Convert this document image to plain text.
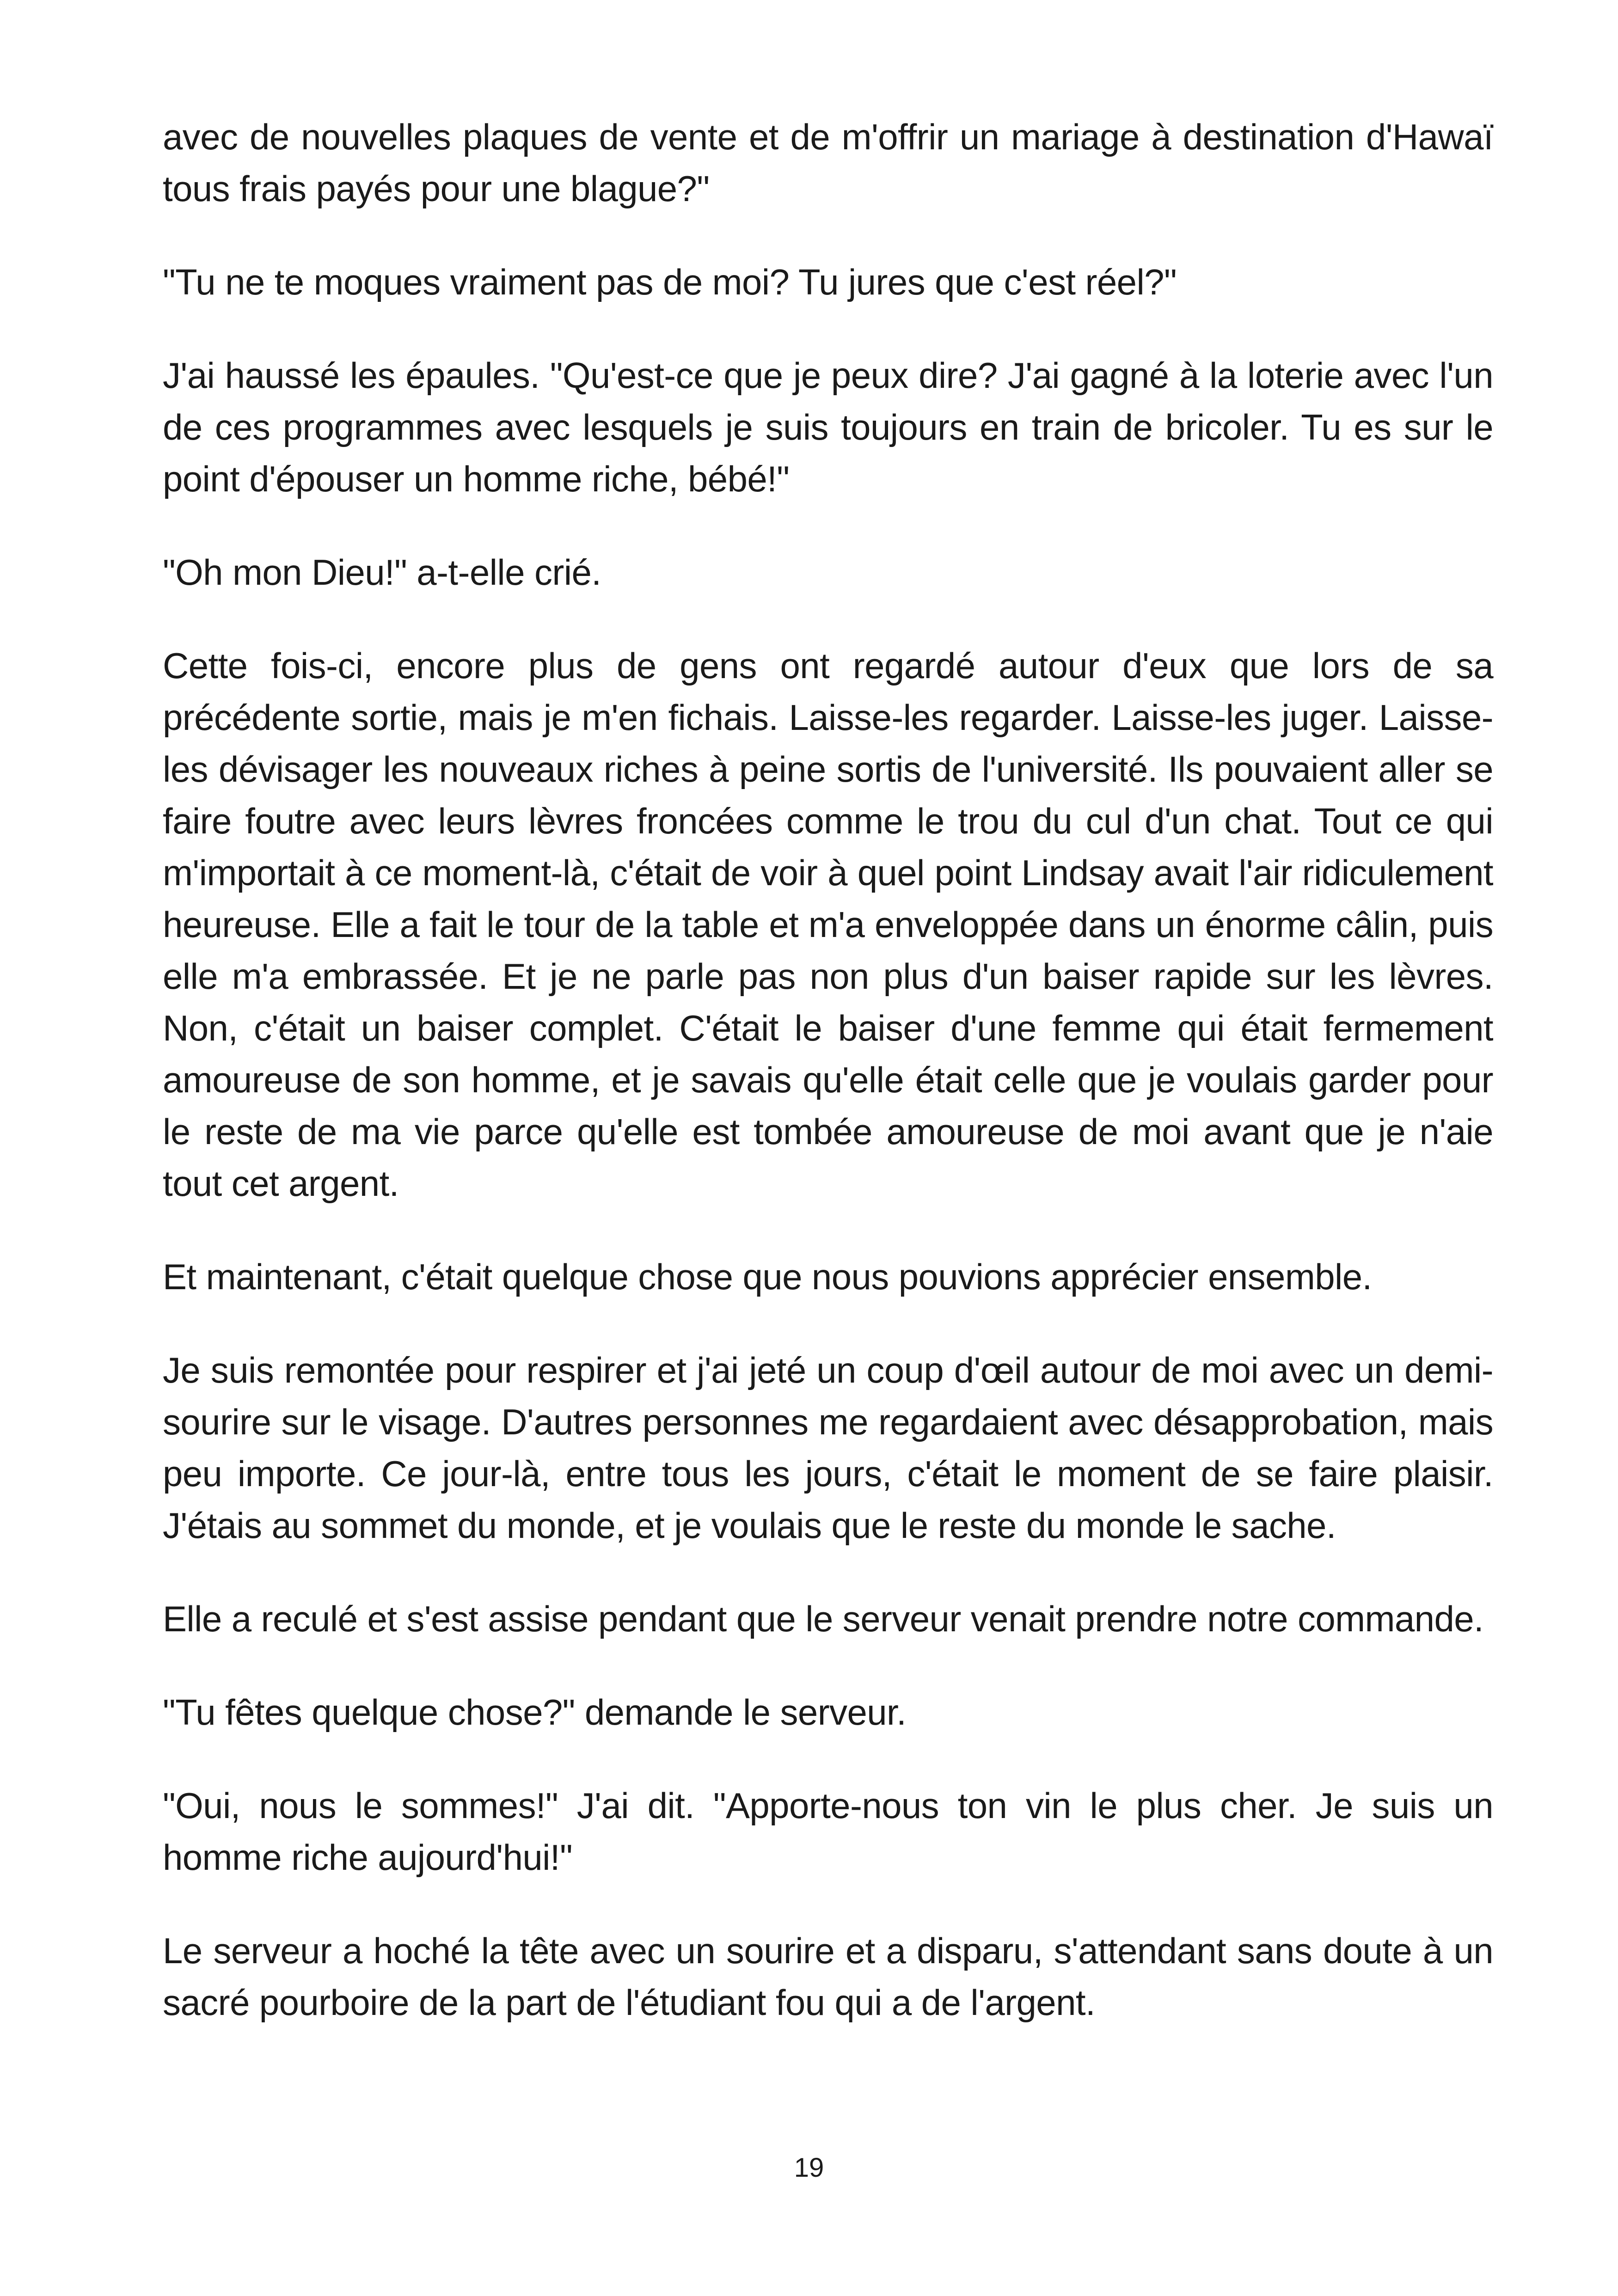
avec de nouvelles plaques de vente et de m'offrir un mariage à destination d'Hawaï tous frais payés pour une blague?"

"Tu ne te moques vraiment pas de moi? Tu jures que c'est réel?"

J'ai haussé les épaules. "Qu'est-ce que je peux dire? J'ai gagné à la loterie avec l'un de ces programmes avec lesquels je suis toujours en train de bricoler. Tu es sur le point d'épouser un homme riche, bébé!"

"Oh mon Dieu!" a-t-elle crié.

Cette fois-ci, encore plus de gens ont regardé autour d'eux que lors de sa précédente sortie, mais je m'en fichais. Laisse-les regarder. Laisse-les juger. Laisse-les dévisager les nouveaux riches à peine sortis de l'université. Ils pouvaient aller se faire foutre avec leurs lèvres froncées comme le trou du cul d'un chat. Tout ce qui m'importait à ce moment-là, c'était de voir à quel point Lindsay avait l'air ridiculement heureuse. Elle a fait le tour de la table et m'a enveloppée dans un énorme câlin, puis elle m'a embrassée. Et je ne parle pas non plus d'un baiser rapide sur les lèvres. Non, c'était un baiser complet. C'était le baiser d'une femme qui était fermement amoureuse de son homme, et je savais qu'elle était celle que je voulais garder pour le reste de ma vie parce qu'elle est tombée amoureuse de moi avant que je n'aie tout cet argent.

Et maintenant, c'était quelque chose que nous pouvions apprécier ensemble.

Je suis remontée pour respirer et j'ai jeté un coup d'œil autour de moi avec un demi-sourire sur le visage. D'autres personnes me regardaient avec désapprobation, mais peu importe. Ce jour-là, entre tous les jours, c'était le moment de se faire plaisir. J'étais au sommet du monde, et je voulais que le reste du monde le sache.

Elle a reculé et s'est assise pendant que le serveur venait prendre notre commande.

"Tu fêtes quelque chose?" demande le serveur.

"Oui, nous le sommes!" J'ai dit. "Apporte-nous ton vin le plus cher. Je suis un homme riche aujourd'hui!"

Le serveur a hoché la tête avec un sourire et a disparu, s'attendant sans doute à un sacré pourboire de la part de l'étudiant fou qui a de l'argent.

19
